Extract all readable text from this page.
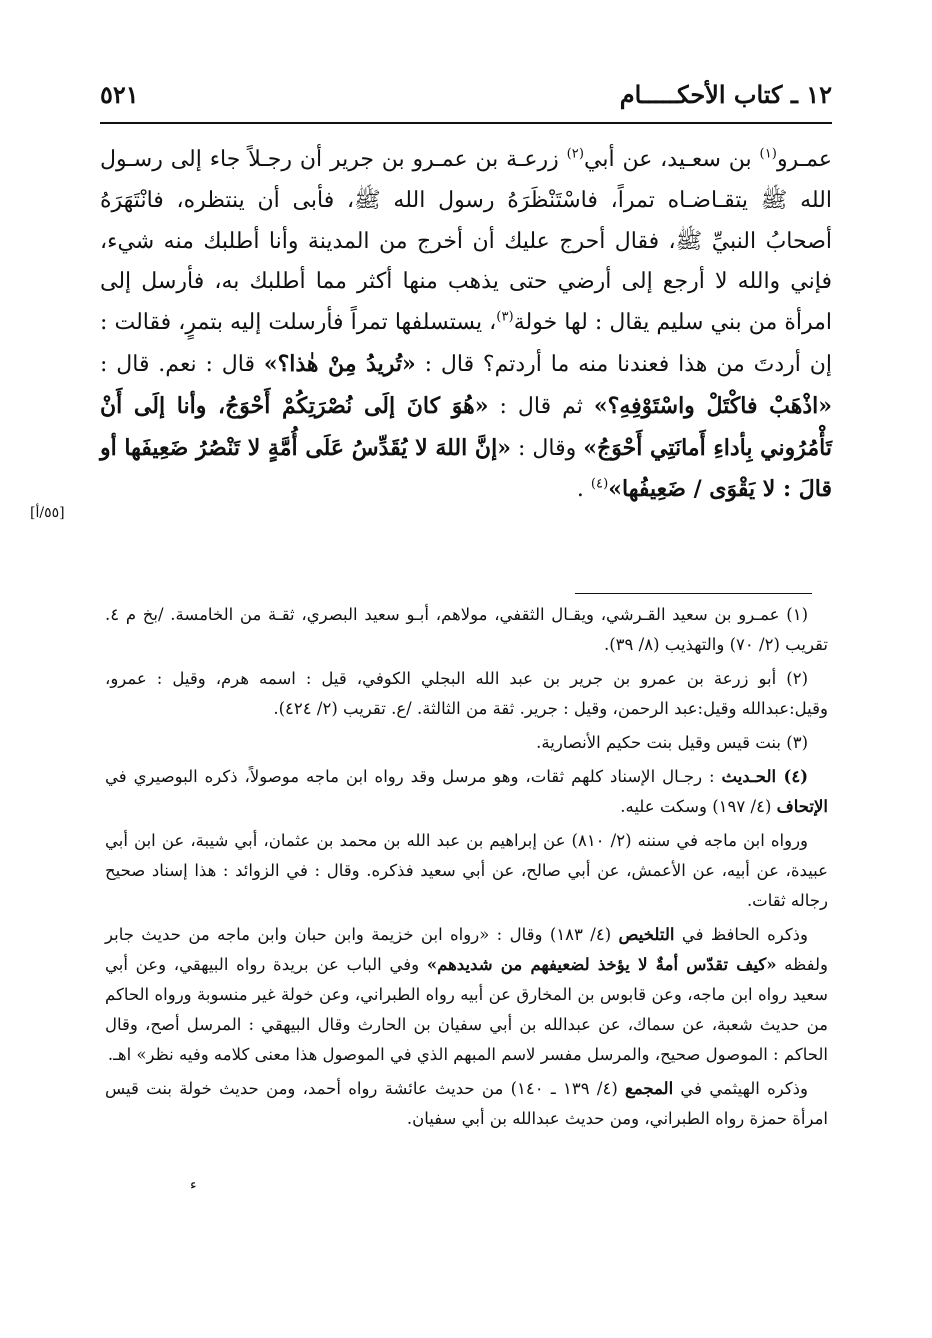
١٢ ـ كتاب الأحكـــــام
٥٢١

عمـرو$^{(١)}$ بن سعـيد، عن أبي$^{(٢)}$ زرعـة بن عمـرو بن جرير أن رجـلاً جاء إلى رسـول الله ﷺ يتقـاضـاه تمراً، فاسْتَنْظَرَهُ رسول الله ﷺ، فأبى أن ينتظره، فانْتَهَرَهُ أصحابُ النبيِّ ﷺ، فقال أحرج عليك أن أخرج من المدينة وأنا أطلبك منه شيء، فإني والله لا أرجع إلى أرضي حتى يذهب منها أكثر مما أطلبك به، فأرسل إلى امرأة من بني سليم يقال : لها خولة$^{(٣)}$، يستسلفها تمراً فأرسلت إليه بتمرٍ، فقالت : إن أردتَ من هذا فعندنا منه ما أردتم؟ قال : «تُريدُ مِنْ هٰذا؟» قال : نعم. قال : «اذْهَبْ فاكْتَلْ واسْتَوْفِهِ؟» ثم قال : «هُوَ كانَ إلَى نُصْرَتِكُمْ أَحْوَجُ، وأنا إلَى أَنْ تَأْمُرُوني بِأداءِ أَمانَتِي أَحْوَجُ» وقال : «إنَّ اللهَ لا يُقَدِّسُ عَلَى أُمَّةٍ لا تَنْصُرُ ضَعِيفَها أو قالَ : لا يَقْوَى / ضَعِيفُها»$^{(٤)}$ .

[٥٥/أ]

(١) عمـرو بن سعيد القـرشي، ويقـال الثقفي، مولاهم، أبـو سعيد البصري، ثقـة من الخامسة. /بخ م ٤. تقريب (٢/ ٧٠) والتهذيب (٨/ ٣٩).

(٢) أبو زرعة بن عمرو بن جرير بن عبد الله البجلي الكوفي، قيل : اسمه هرم، وقيل : عمرو، وقيل:عبدالله وقيل:عبد الرحمن، وقيل : جرير. ثقة من الثالثة. /ع. تقريب (٢/ ٤٢٤).

(٣) بنت قيس وقيل بنت حكيم الأنصارية.

(٤) الحـديث : رجـال الإسناد كلهم ثقات، وهو مرسل وقد رواه ابن ماجه موصولاً، ذكره البوصيري في الإتحاف (٤/ ١٩٧) وسكت عليه.

ورواه ابن ماجه في سننه (٢/ ٨١٠) عن إبراهيم بن عبد الله بن محمد بن عثمان، أبي شيبة، عن ابن أبي عبيدة، عن أبيه، عن الأعمش، عن أبي صالح، عن أبي سعيد فذكره. وقال : في الزوائد : هذا إسناد صحيح رجاله ثقات.

وذكره الحافظ في التلخيص (٤/ ١٨٣) وقال : «رواه ابن خزيمة وابن حبان وابن ماجه من حديث جابر ولفظه «كيف تقدّس أمةٌ لا يؤخذ لضعيفهم من شديدهم» وفي الباب عن بريدة رواه البيهقي، وعن أبي سعيد رواه ابن ماجه، وعن قابوس بن المخارق عن أبيه رواه الطبراني، وعن خولة غير منسوبة ورواه الحاكم من حديث شعبة، عن سماك، عن عبدالله بن أبي سفيان بن الحارث وقال البيهقي : المرسل أصح، وقال الحاكم : الموصول صحيح، والمرسل مفسر لاسم المبهم الذي في الموصول هذا معنى كلامه وفيه نظر» اهـ.

وذكره الهيثمي في المجمع (٤/ ١٣٩ ـ ١٤٠) من حديث عائشة رواه أحمد، ومن حديث خولة بنت قيس امرأة حمزة رواه الطبراني، ومن حديث عبدالله بن أبي سفيان.

ء
